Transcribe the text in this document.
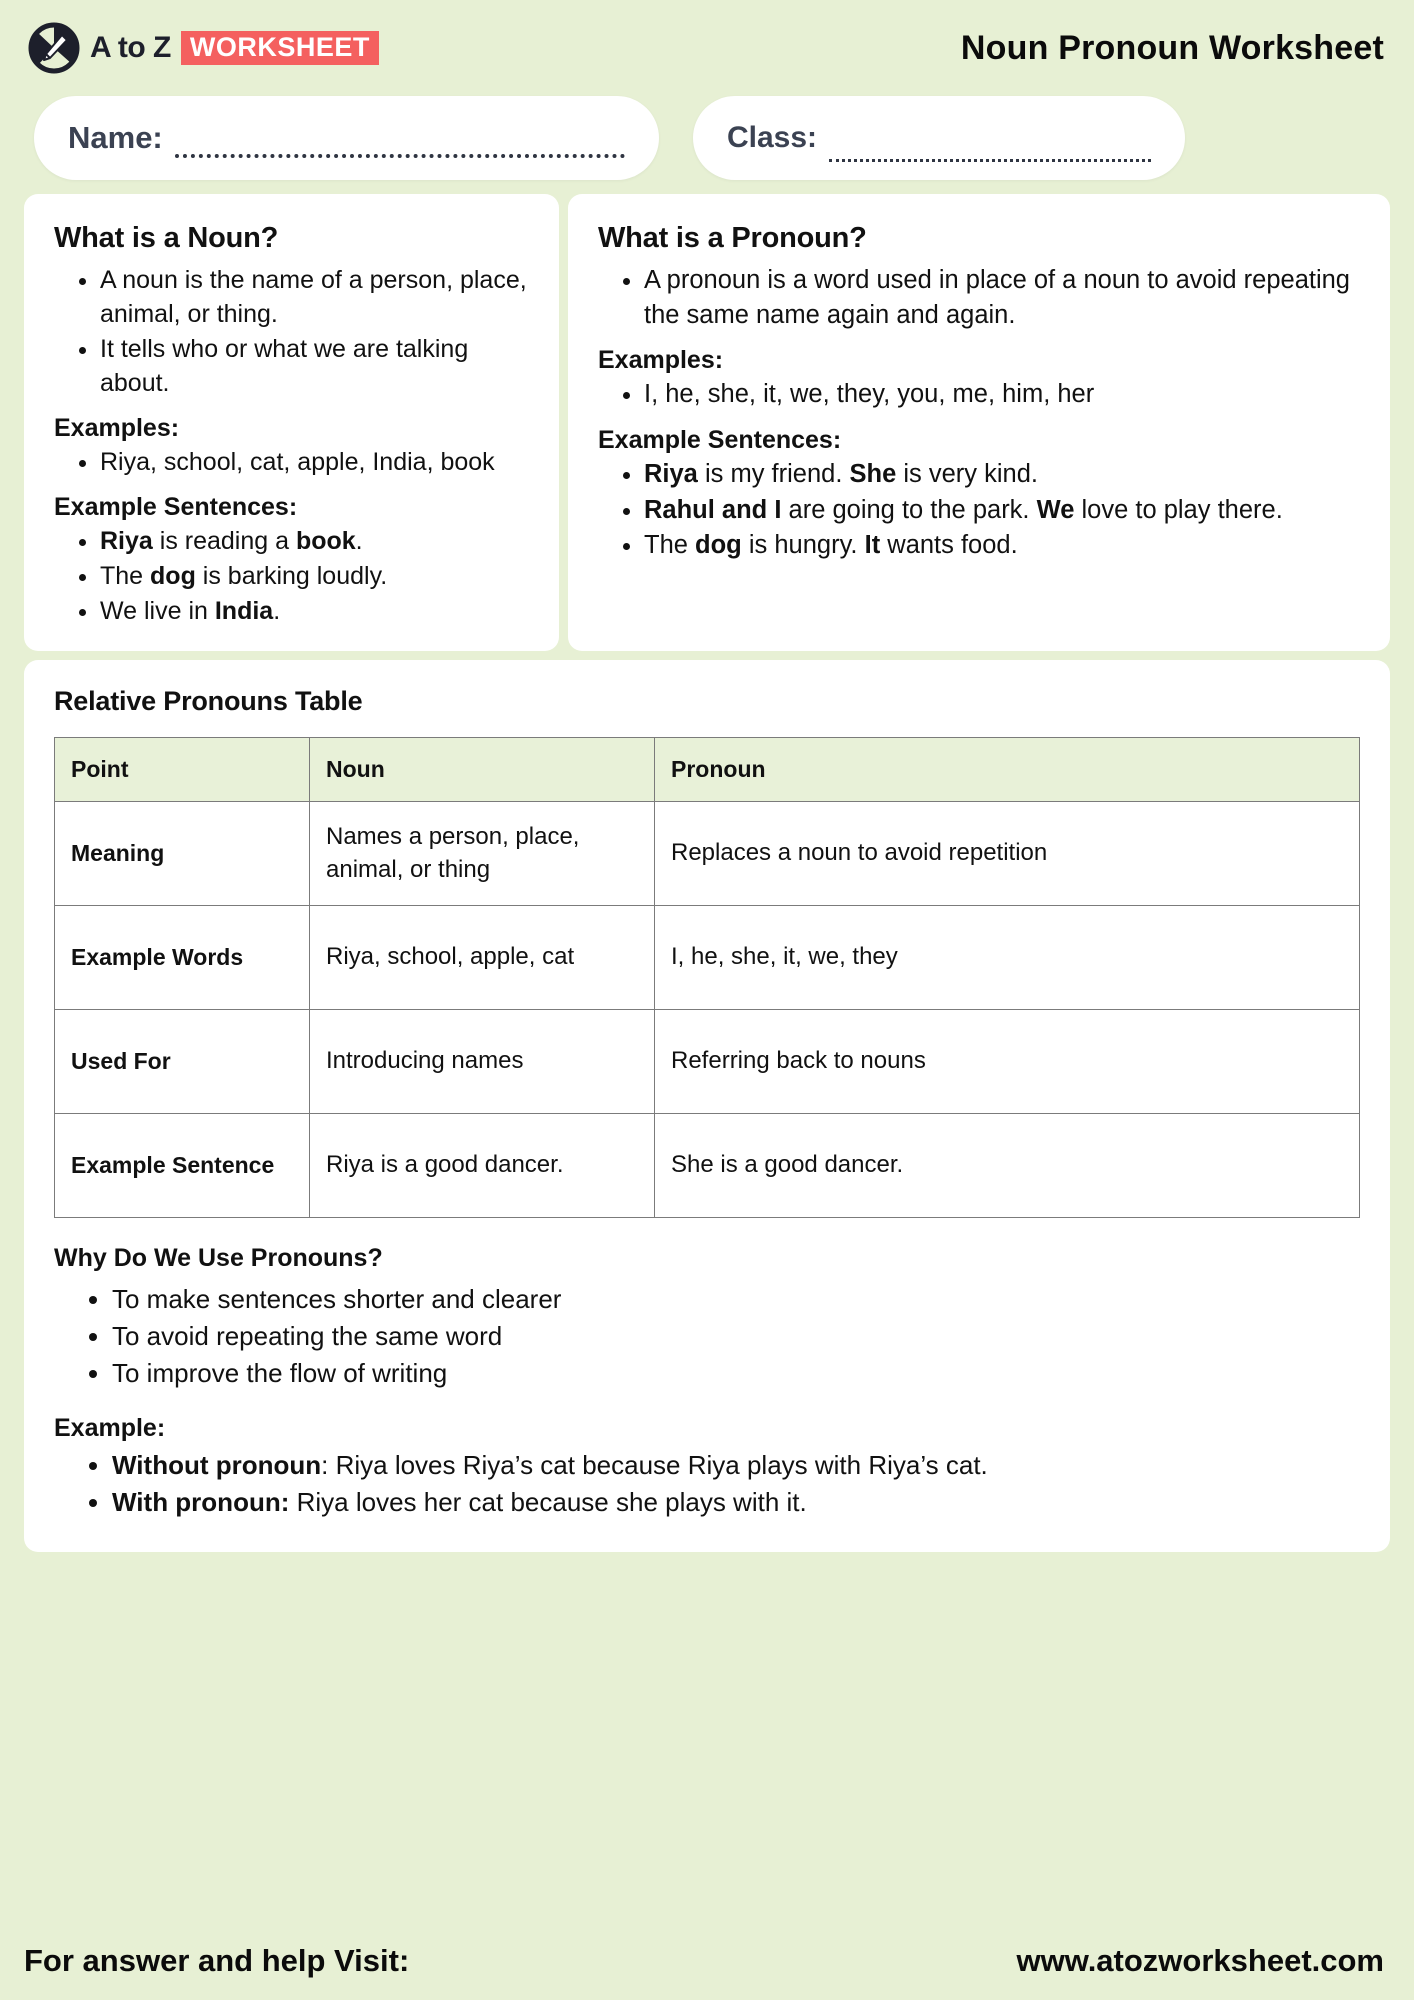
A to Z WORKSHEET	Noun Pronoun Worksheet
Name:	Class:
What is a Noun?
• A noun is the name of a person, place, animal, or thing.
• It tells who or what we are talking about.
Examples:
• Riya, school, cat, apple, India, book
Example Sentences:
• Riya is reading a book.
• The dog is barking loudly.
• We live in India.
What is a Pronoun?
• A pronoun is a word used in place of a noun to avoid repeating the same name again and again.
Examples:
• I, he, she, it, we, they, you, me, him, her
Example Sentences:
• Riya is my friend. She is very kind.
• Rahul and I are going to the park. We love to play there.
• The dog is hungry. It wants food.
Relative Pronouns Table
Point	Noun	Pronoun
Meaning	Names a person, place, animal, or thing	Replaces a noun to avoid repetition
Example Words	Riya, school, apple, cat	I, he, she, it, we, they
Used For	Introducing names	Referring back to nouns
Example Sentence	Riya is a good dancer.	She is a good dancer.
Why Do We Use Pronouns?
• To make sentences shorter and clearer
• To avoid repeating the same word
• To improve the flow of writing
Example:
• Without pronoun: Riya loves Riya’s cat because Riya plays with Riya’s cat.
• With pronoun: Riya loves her cat because she plays with it.
For answer and help Visit:	www.atozworksheet.com
